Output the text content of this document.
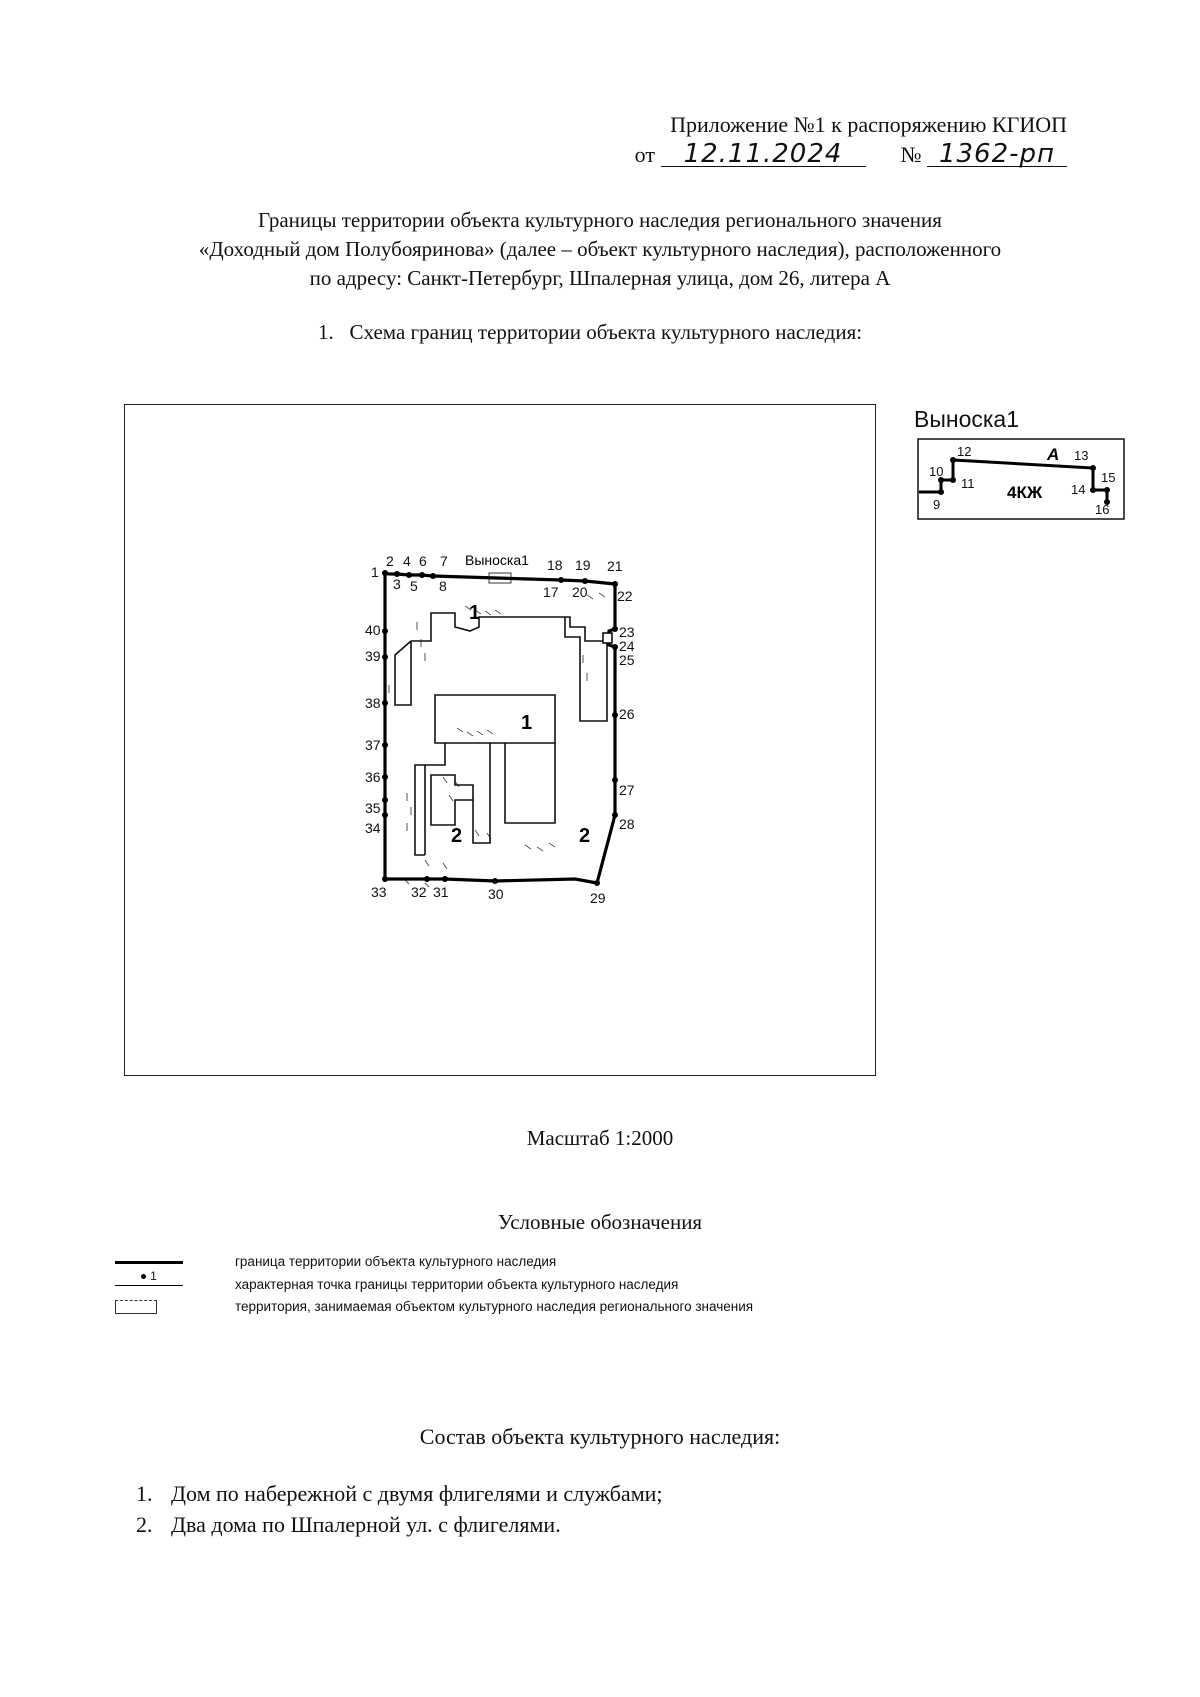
Приложение №1 к распоряжению КГИОП
от 12.11.2024	№ 1362-рп
Границы территории объекта культурного наследия регионального значения
«Доходный дом Полубояринова» (далее – объект культурного наследия), расположенного
по адресу: Санкт-Петербург, Шпалерная улица, дом 26, литера А
1.   Схема границ территории объекта культурного наследия:
Выноска1
1
1
2	2
1
2
3
4
5
6 7
8	17
18 19
20
21
22
23
24
25
26
27
28
29
30
31
32
33
34
35
36
37
38
39
40
Выноска1
А
4КЖ
9
10
11
12	13
14
15
16
Масштаб 1:2000
Условные обозначения
1
граница территории объекта культурного наследия
характерная точка границы территории объекта культурного наследия
территория, занимаемая объектом культурного наследия регионального значения
Состав объекта культурного наследия:
1. Дом по набережной с двумя флигелями и службами;
2. Два дома по Шпалерной ул. с флигелями.
